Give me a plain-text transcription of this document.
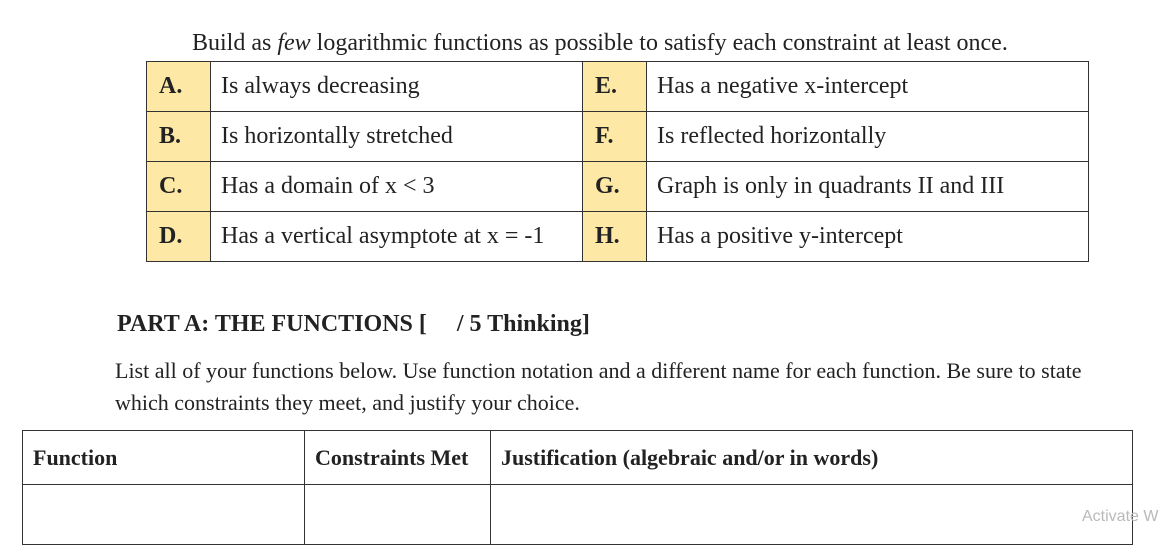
Build as few logarithmic functions as possible to satisfy each constraint at least once.
A.	Is always decreasing	E.	Has a negative x-intercept
B.	Is horizontally stretched	F.	Is reflected horizontally
C.	Has a domain of x < 3	G.	Graph is only in quadrants II and III
D.	Has a vertical asymptote at x = -1	H.	Has a positive y-intercept
PART A: THE FUNCTIONS [ / 5 Thinking]
List all of your functions below. Use function notation and a different name for each function. Be sure to state which constraints they meet, and justify your choice.
Function	Constraints Met	Justification (algebraic and/or in words)

Activate W
